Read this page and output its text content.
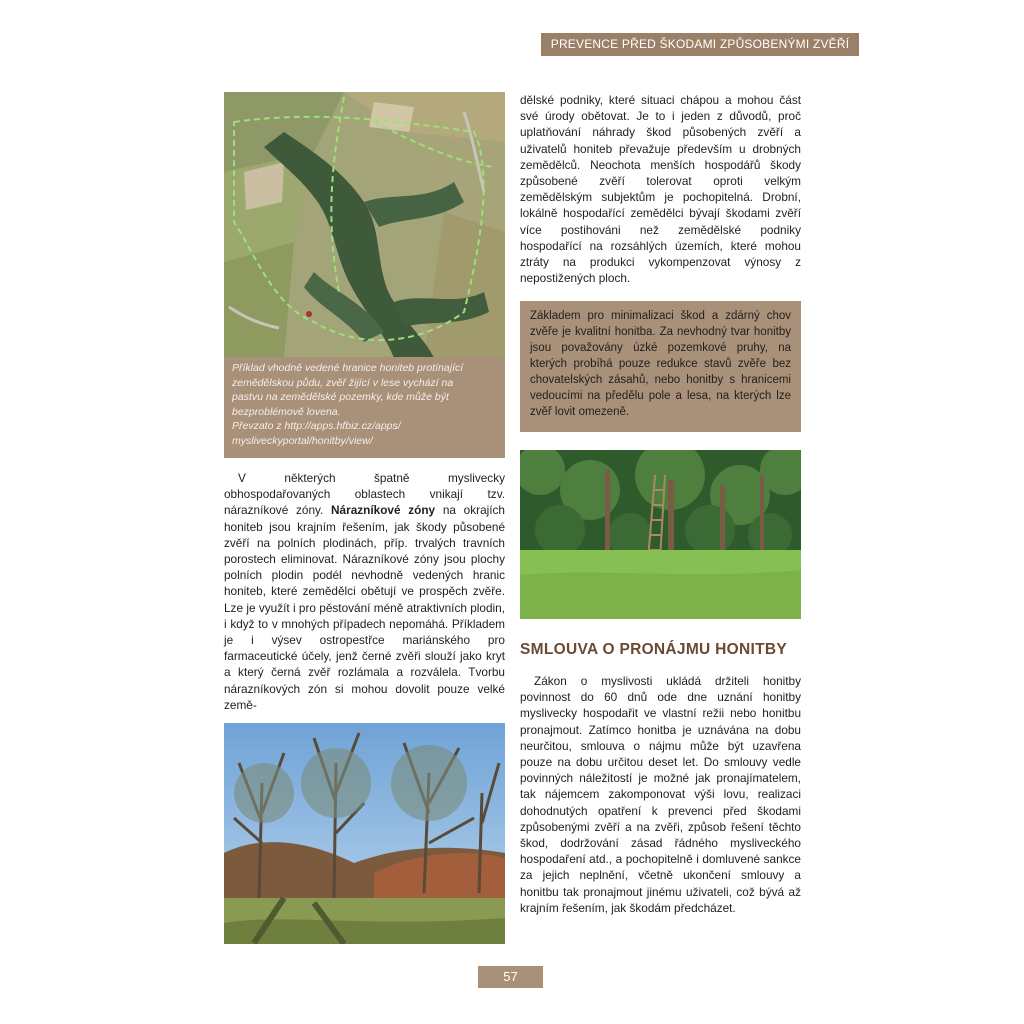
PREVENCE PŘED ŠKODAMI ZPŮSOBENÝMI ZVĚŘÍ

Příklad vhodně vedené hranice honiteb protínající

zemědělskou půdu, zvěř žijící v lese vychází na

pastvu na zemědělské pozemky, kde může být

bezproblémově lovena.

Převzato z http://apps.hfbiz.cz/apps/

mysliveckyportal/honitby/view/

V některých špatně myslivecky obhospodařovaných oblastech vnikají tzv. nárazníkové zóny. Nárazníkové zóny na okrajích honiteb jsou krajním řešením, jak škody působené zvěří na polních plodinách, příp. trvalých travních porostech eliminovat. Nárazníkové zóny jsou plochy polních plodin podél nevhodně vedených hranic honiteb, které zemědělci obětují ve prospěch zvěře. Lze je využít i pro pěstování méně atraktivních plodin, i když to v mnohých případech nepomáhá. Příkladem je i výsev ostropestřce mariánského pro farmaceutické účely, jenž černé zvěři slouží jako kryt a který černá zvěř rozlámala a rozválela. Tvorbu nárazníkových zón si mohou dovolit pouze velké země-

dělské podniky, které situaci chápou a mohou část své úrody obětovat. Je to i jeden z důvodů, proč uplatňování náhrady škod působených zvěří a uživatelů honiteb převažuje především u drobných zemědělců. Neochota menších hospodářů škody způsobené zvěří tolerovat oproti velkým zemědělským subjektům je pochopitelná. Drobní, lokálně hospodařící zemědělci bývají škodami zvěří více postihováni než zemědělské podniky hospodařící na rozsáhlých územích, které mohou ztráty na produkci vykompenzovat výnosy z nepostižených ploch.

Základem pro minimalizaci škod a zdárný chov zvěře je kvalitní honitba. Za nevhodný tvar honitby jsou považovány úzké pozemkové pruhy, na kterých probíhá pouze redukce stavů zvěře bez chovatelských zásahů, nebo honitby s hranicemi vedoucími na předělu pole a lesa, na kterých lze zvěř lovit omezeně.
SMLOUVA O PRONÁJMU HONITBY

Zákon o myslivosti ukládá držiteli honitby povinnost do 60 dnů ode dne uznání honitby myslivecky hospodařit ve vlastní režii nebo honitbu pronajmout. Zatímco honitba je uznávána na dobu neurčitou, smlouva o nájmu může být uzavřena pouze na dobu určitou deset let. Do smlouvy vedle povinných náležitostí je možné jak pronajímatelem, tak nájemcem zakomponovat výši lovu, realizaci dohodnutých opatření k prevenci před škodami způsobenými zvěří a na zvěři, způsob řešení těchto škod, dodržování zásad řádného mysliveckého hospodaření atd., a pochopitelně i domluvené sankce za jejich neplnění, včetně ukončení smlouvy a honitbu tak pronajmout jinému uživateli, což bývá až krajním řešením, jak škodám předcházet.

57
